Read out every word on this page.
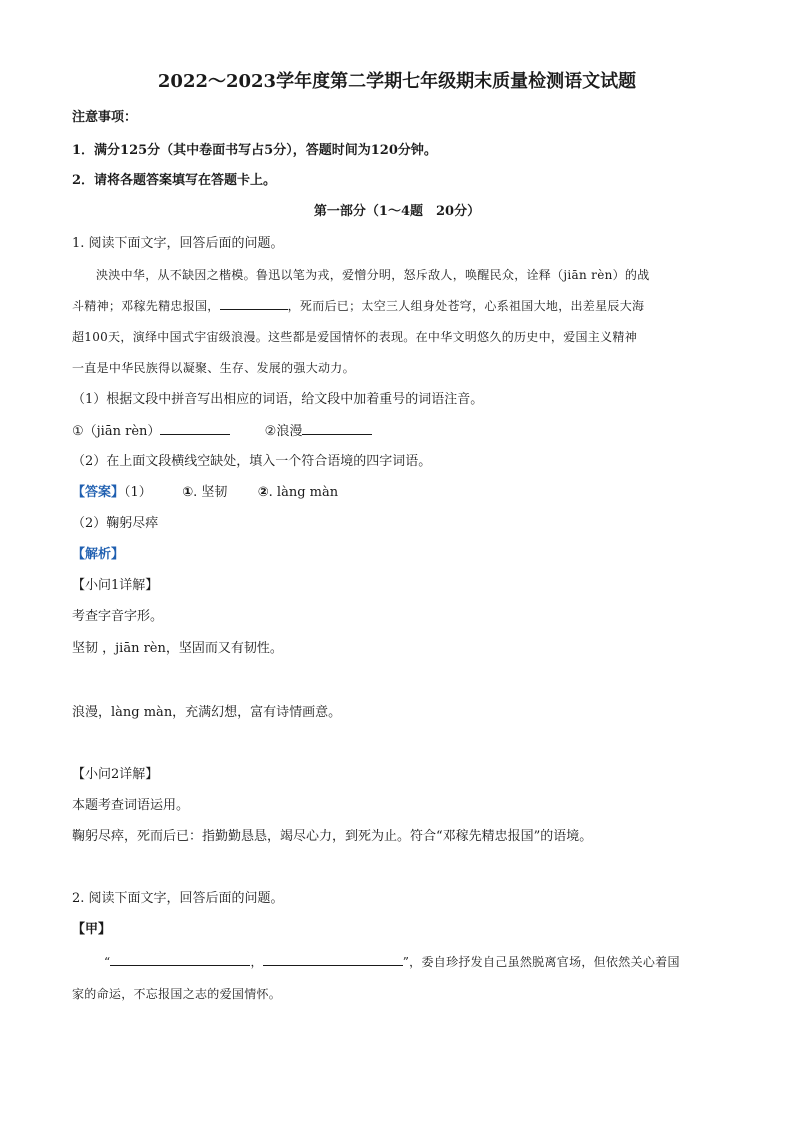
2022～2023学年度第二学期七年级期末质量检测语文试题
注意事项：
1．满分125分（其中卷面书写占5分），答题时间为120分钟。
2．请将各题答案填写在答题卡上。
第一部分（1～4题　20分）
1. 阅读下面文字，回答后面的问题。
泱泱中华，从不缺因之楷模。鲁迅以笔为戎，爱憎分明，怒斥敌人，唤醒民众，诠释（jiān rèn）的战
斗精神；邓稼先精忠报国，	，死而后已；太空三人组身处苍穹，心系祖国大地，出差星辰大海
超100天，演绎中国式宇宙级浪漫。这些都是爱国情怀的表现。在中华文明悠久的历史中，爱国主义精神
一直是中华民族得以凝聚、生存、发展的强大动力。
（1）根据文段中拼音写出相应的词语，给文段中加着重号的词语注音。
①（jiān rèn）	②浪漫
（2）在上面文段横线空缺处，填入一个符合语境的四字词语。
【答案】（1） ①. 坚韧 ②. làng màn
（2）鞠躬尽瘁
【解析】
【小问1详解】
考查字音字形。
坚韧 ，jiān rèn，坚固而又有韧性。
浪漫，làng màn，充满幻想，富有诗情画意。
【小问2详解】
本题考查词语运用。
鞠躬尽瘁，死而后已：指勤勤恳恳，竭尽心力，到死为止。符合“邓稼先精忠报国”的语境。
2. 阅读下面文字，回答后面的问题。
【甲】
“	，	”，委自珍抒发自己虽然脱离官场，但依然关心着国
家的命运，不忘报国之志的爱国情怀。
